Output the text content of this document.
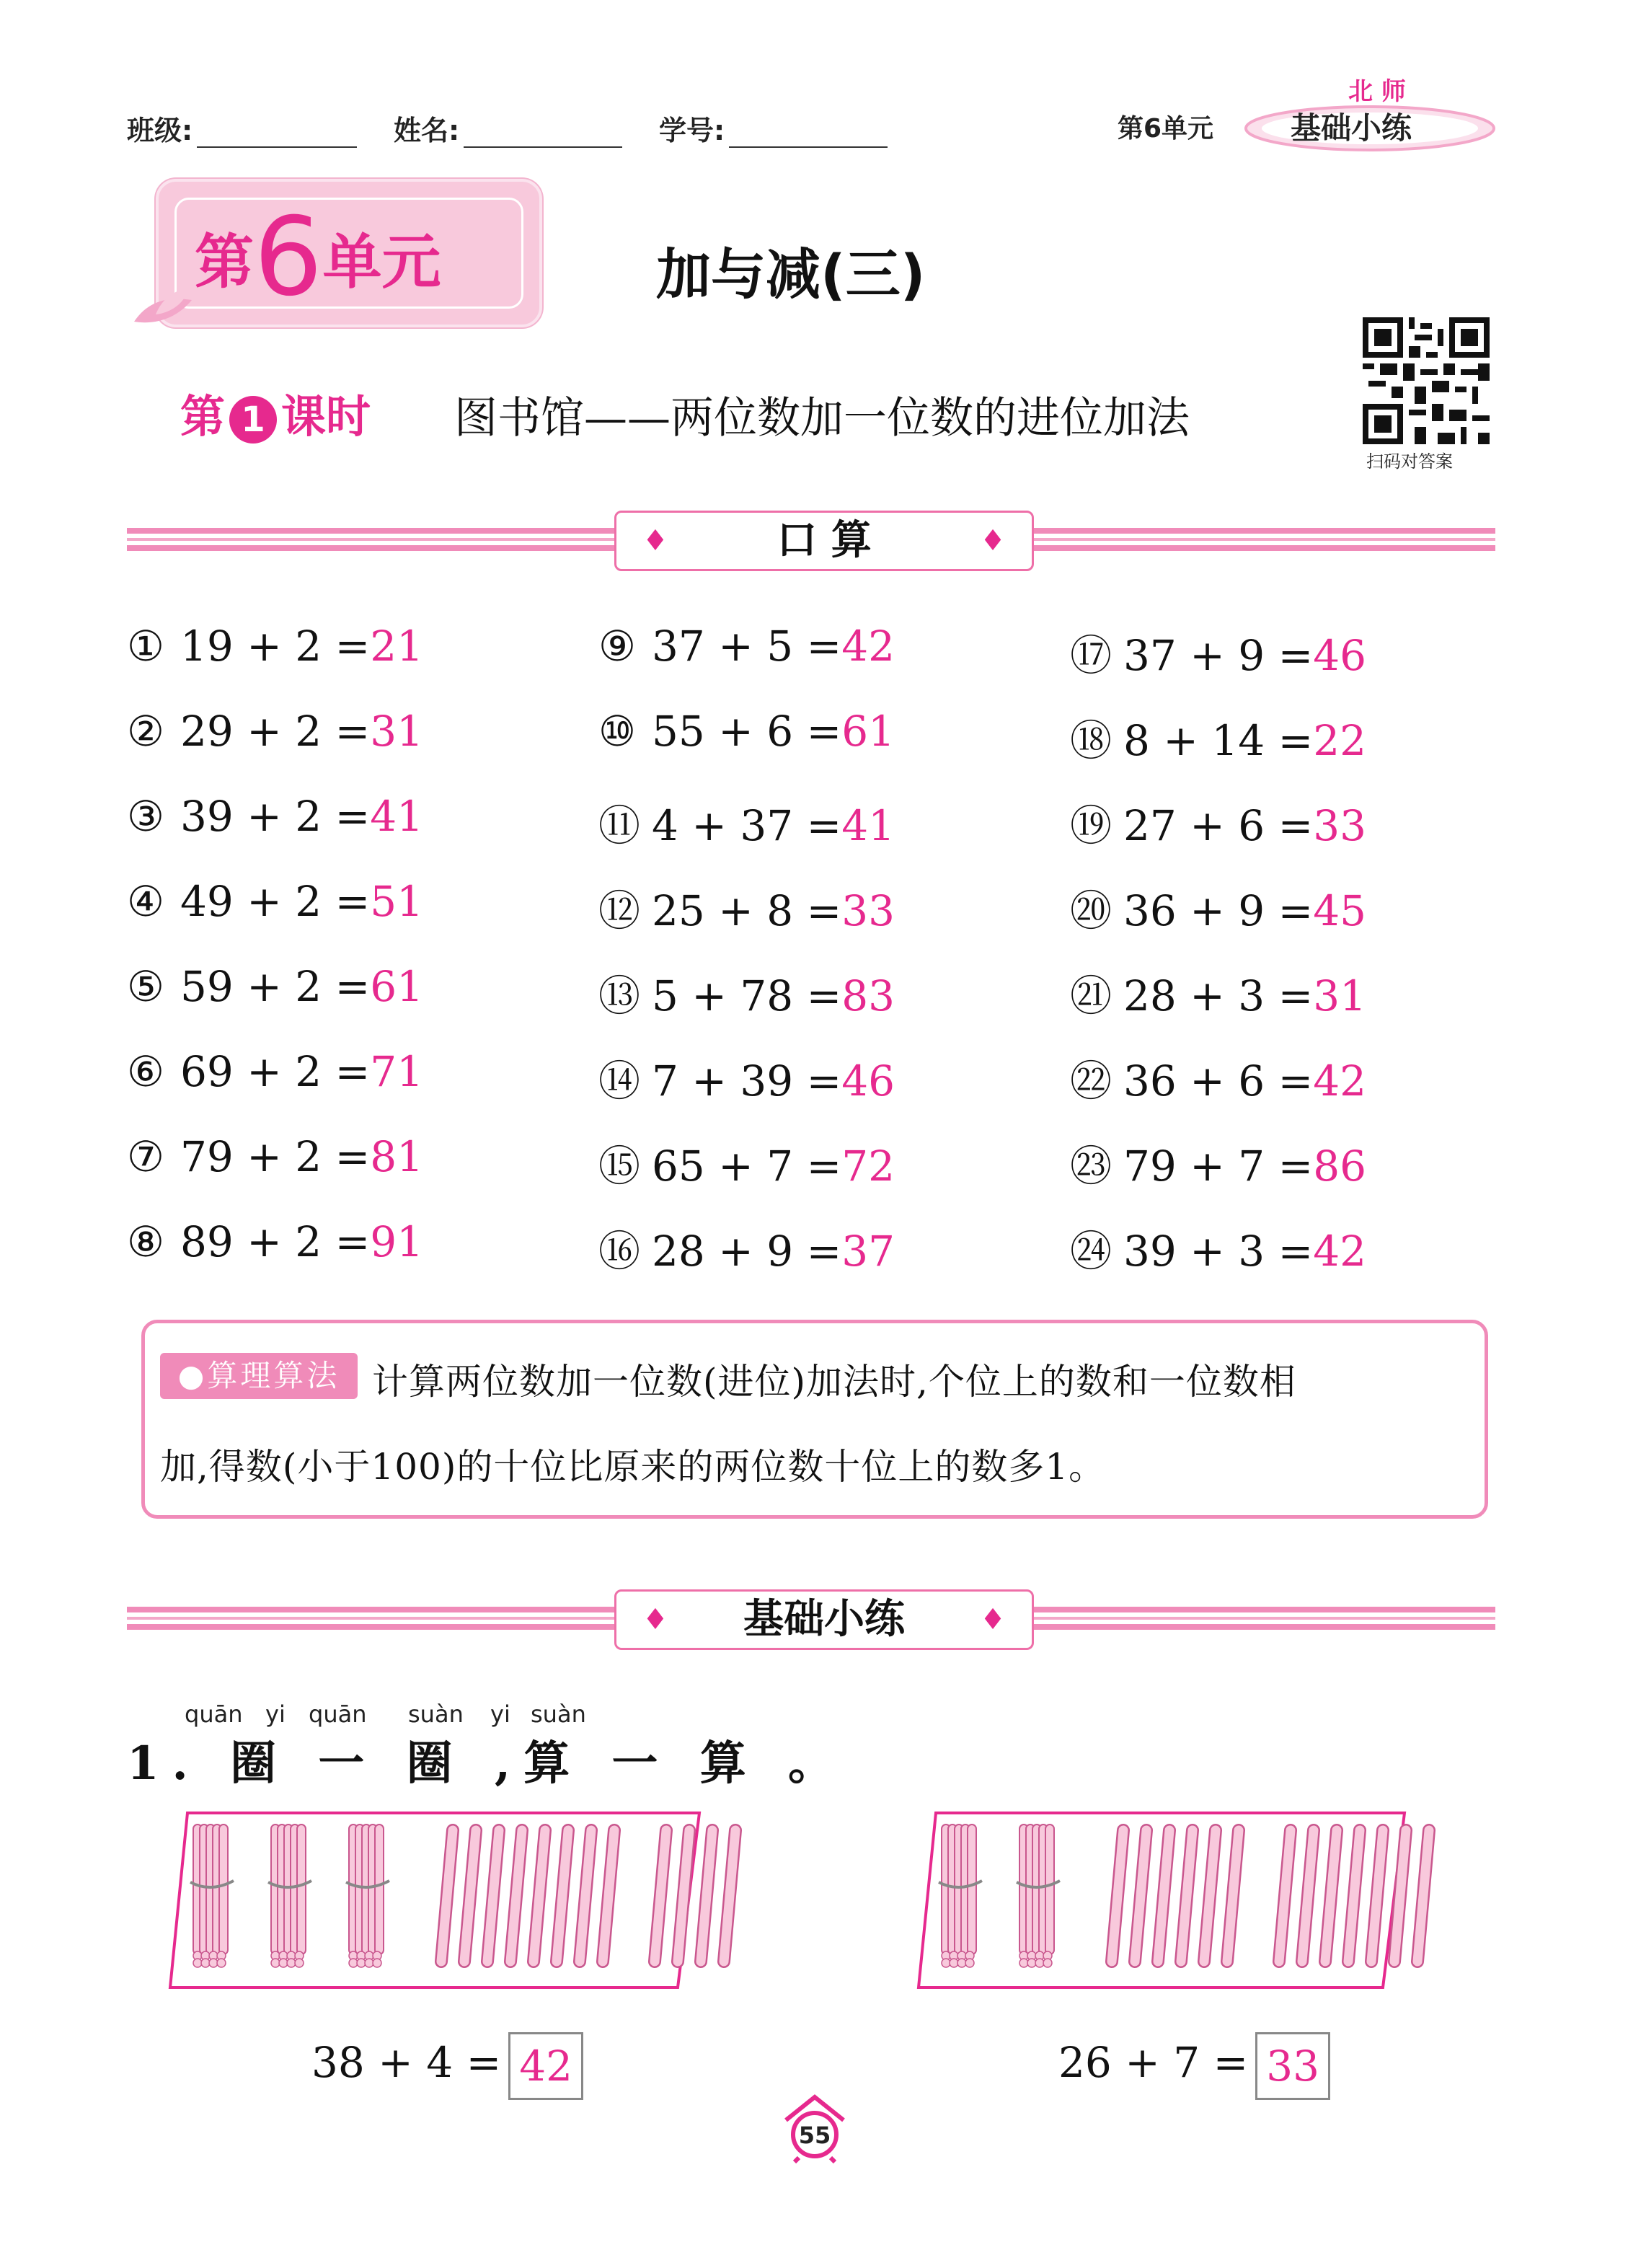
班级:	姓名:	学号:	第6单元
北 师
基础小练
第6单元	加与减(三)
第 1 课时 图书馆——两位数加一位数的进位加法
扫码对答案
♦	口 算	♦
① 19 + 2 =21
② 29 + 2 =31
③ 39 + 2 =41
④ 49 + 2 =51
⑤ 59 + 2 =61
⑥ 69 + 2 =71
⑦ 79 + 2 =81
⑧ 89 + 2 =91
⑨ 37 + 5 =42
⑩ 55 + 6 =61
⑪ 4 + 37 =41
⑫ 25 + 8 =33
⑬ 5 + 78 =83
⑭ 7 + 39 =46
⑮ 65 + 7 =72
⑯ 28 + 9 =37
⑰ 37 + 9 =46
⑱ 8 + 14 =22
⑲ 27 + 6 =33
⑳ 36 + 9 =45
㉑ 28 + 3 =31
㉒ 36 + 6 =42
㉓ 79 + 7 =86
㉔ 39 + 3 =42
●算理算法 计算两位数加一位数(进位)加法时,个位上的数和一位数相
加,得数(小于100)的十位比原来的两位数十位上的数多1。
♦ 基础小练	♦
quān yi quān suàn yi suàn
1. 圈 一 圈 ,算 一 算 。
38 + 4 = 42	26 + 7 = 33
55
